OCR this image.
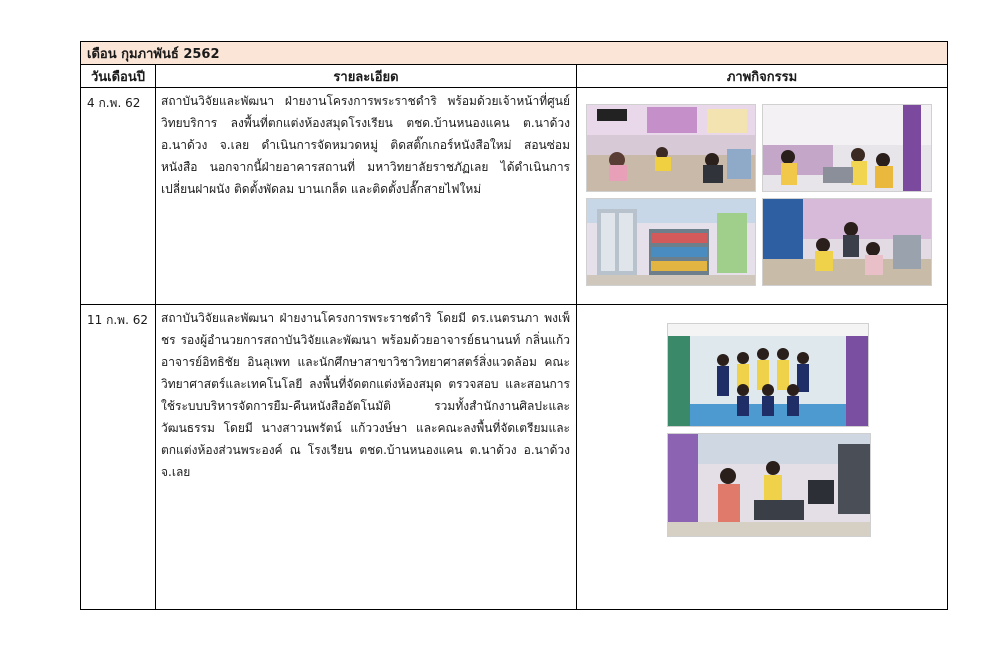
เดือน กุมภาพันธ์ 2562		
วันเดือนปี	รายละเอียด	ภาพกิจกรรม
4 ก.พ. 62	สถาบันวิจัยและพัฒนา ฝ่ายงานโครงการพระราชดำริ พร้อมด้วยเจ้าหน้าที่ศูนย์วิทยบริการ ลงพื้นที่ตกแต่งห้องสมุดโรงเรียน ตชด.บ้านหนองแคน ต.นาด้วง อ.นาด้วง จ.เลย ดำเนินการจัดหมวดหมู่ ติดสติ๊กเกอร์หนังสือใหม่ สอนซ่อมหนังสือ นอกจากนี้ฝ่ายอาคารสถานที่ มหาวิทยาลัยราชภัฏเลย ได้ดำเนินการเปลี่ยนฝาผนัง ติดตั้งพัดลม บานเกล็ด และติดตั้งปลั๊กสายไฟใหม่	

11 ก.พ. 62	สถาบันวิจัยและพัฒนา ฝ่ายงานโครงการพระราชดำริ โดยมี ดร.เนตรนภา พงเพ็ชร รองผู้อำนวยการสถาบันวิจัยและพัฒนา พร้อมด้วยอาจารย์ธนานนท์ กลิ่นแก้ว อาจารย์อิทธิชัย อินลุเพท และนักศึกษาสาขาวิชาวิทยาศาสตร์สิ่งแวดล้อม คณะวิทยาศาสตร์และเทคโนโลยี ลงพื้นที่จัดตกแต่งห้องสมุด ตรวจสอบ และสอนการใช้ระบบบริหารจัดการยืม-คืนหนังสืออัตโนมัติ รวมทั้งสำนักงานศิลปะและวัฒนธรรม โดยมี นางสาวนพรัตน์ แก้ววงษ์ษา และคณะลงพื้นที่จัดเตรียมและตกแต่งห้องส่วนพระองค์ ณ โรงเรียน ตชด.บ้านหนองแคน ต.นาด้วง อ.นาด้วง จ.เลย	
